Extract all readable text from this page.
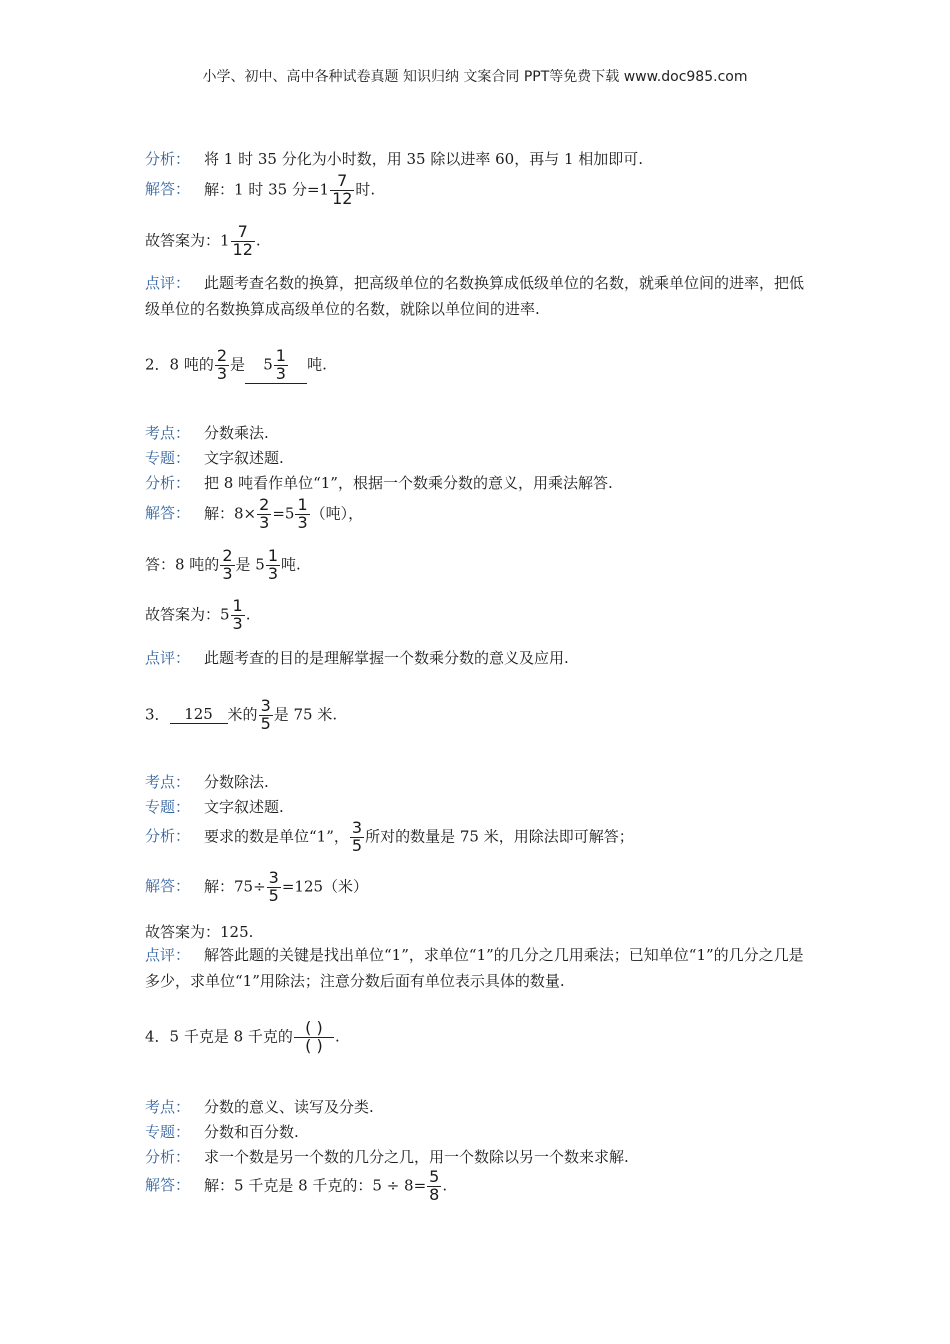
小学、初中、高中各种试卷真题 知识归纳 文案合同 PPT等免费下载 www.doc985.com
分析： 将 1 时 35 分化为小时数，用 35 除以进率 60，再与 1 相加即可.
解答： 解：1 时 35 分$=1 \frac{7}{12}$ 时.
故答案为：$1 \frac{7}{12}$ .
点评： 此题考查名数的换算，把高级单位的名数换算成低级单位的名数，就乘单位间的进率，把低级单位的名数换算成高级单位的名数，就除以单位间的进率.
2．8 吨的 $\frac{2}{3}$ 是 $5 \frac{1}{3}$ 吨.
考点： 分数乘法.
专题： 文字叙述题.
分析： 把 8 吨看作单位“1”，根据一个数乘分数的意义，用乘法解答.
解答： 解：$8\times \frac{2}{3} =5 \frac{1}{3}$ （吨），
答：8 吨的 $\frac{2}{3}$ 是 $5 \frac{1}{3}$ 吨.
故答案为：$5 \frac{1}{3}$ .
点评： 此题考查的目的是理解掌握一个数乘分数的意义及应用.
3． 125 米的 $\frac{3}{5}$ 是 75 米.
考点： 分数除法.
专题： 文字叙述题.
分析： 要求的数是单位“1”， $\frac{3}{5}$ 所对的数量是 75 米，用除法即可解答；
解答： 解：$75\div \frac{3}{5} =125$（米）
故答案为：125.
点评： 解答此题的关键是找出单位“1”，求单位“1”的几分之几用乘法；已知单位“1”的几分之几是多少，求单位“1”用除法；注意分数后面有单位表示具体的数量.
4．5 千克是 8 千克的 $\frac{( )}{( )}$ .
考点： 分数的意义、读写及分类.
专题： 分数和百分数.
分析： 求一个数是另一个数的几分之几，用一个数除以另一个数来求解.
解答： 解：5 千克是 8 千克的：$5 \div 8= \frac{5}{8}$ .
